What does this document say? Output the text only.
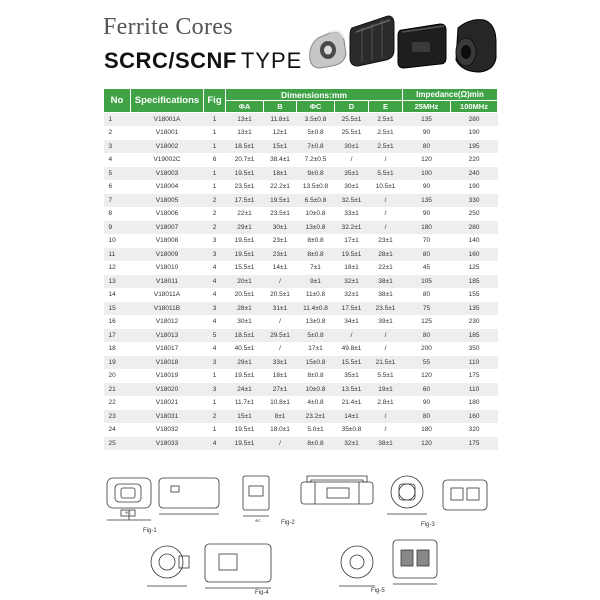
Ferrite Cores
SCRC/SCNF TYPE
No	Specifications	Fig	Dimensions:mm					Impedance(Ω)min	
			ΦA	B	ΦC	D	E	25MHz	100MHz
1	V18001A	1	13±1	11.8±1	3.5±0.8	25.5±1	2.5±1	135	280
2	V18001	1	13±1	12±1	5±0.8	25.5±1	2.5±1	90	190
3	V18002	1	18.5±1	15±1	7±0.8	30±1	2.5±1	80	195
4	V19002C	6	20.7±1	38.4±1	7.2±0.5	/	/	120	220
5	V18003	1	19.5±1	18±1	9±0.8	35±1	5.5±1	100	240
6	V18004	1	23.5±1	22.2±1	13.5±0.8	30±1	10.5±1	90	190
7	V18005	2	17.5±1	19.5±1	6.5±0.8	32.5±1	/	135	330
8	V18006	2	22±1	23.5±1	10±0.8	33±1	/	90	250
9	V18007	2	29±1	30±1	13±0.8	32.2±1	/	180	280
10	V18008	3	19.5±1	23±1	8±0.8	17±1	23±1	70	140
11	V18009	3	19.5±1	23±1	8±0.8	19.5±1	28±1	80	160
12	V18010	4	15.5±1	14±1	7±1	18±1	22±1	45	125
13	V18011	4	20±1	/	9±1	32±1	38±1	105	185
14	V18011A	4	20.5±1	20.5±1	11±0.8	32±1	38±1	80	155
15	V18011B	3	28±1	31±1	11.4±0.8	17.5±1	23.5±1	75	135
16	V18012	4	30±1	/	13±0.8	34±1	39±1	125	230
17	V18013	5	18.5±1	29.5±1	5±0.8	/	/	80	185
18	V18017	4	40.5±1	/	17±1	49.8±1	/	200	350
19	V18018	3	29±1	33±1	15±0.8	15.5±1	21.5±1	55	110
20	V18019	1	19.5±1	18±1	8±0.8	35±1	5.5±1	120	175
21	V18020	3	24±1	27±1	10±0.8	13.5±1	19±1	60	110
22	V18021	1	11.7±1	10.8±1	4±0.8	21.4±1	2.8±1	90	180
23	V18031	2	15±1	8±1	23.2±1	14±1	/	80	160
24	V18032	1	19.5±1	18.0±1	5.0±1	35±0.8	/	180	320
25	V18033	4	19.5±1	/	8±0.8	32±1	38±1	120	175
ΦC
Fig-1
ΦC	Fig-2	Fig-3
Fig-4	Fig-5
